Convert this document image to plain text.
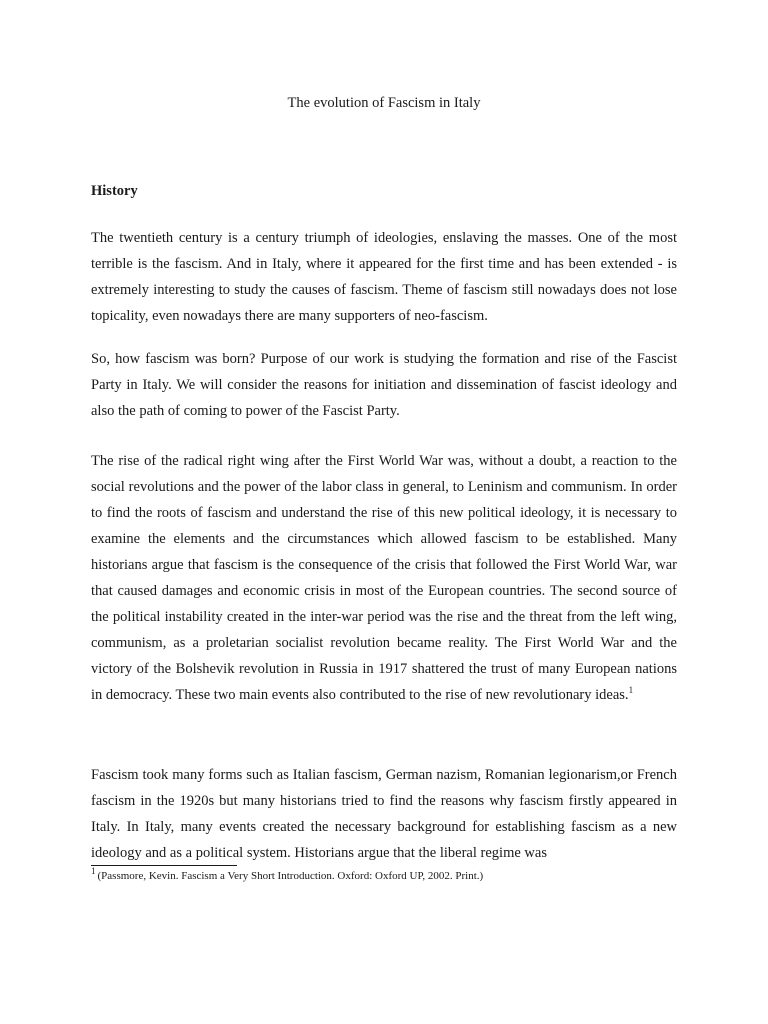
The evolution of Fascism in Italy
History

The twentieth century is a century triumph of ideologies, enslaving the masses. One of the most terrible is the fascism. And in Italy, where it appeared for the first time and has been extended - is extremely interesting to study the causes of fascism. Theme of fascism still nowadays does not lose topicality, even nowadays there are many supporters of neo-fascism.

So, how fascism was born? Purpose of our work is studying the formation and rise of the Fascist Party in Italy. We will consider the reasons for initiation and dissemination of fascist ideology and also the path of coming to power of the Fascist Party.

The rise of the radical right wing after the First World War was, without a doubt, a reaction to the social revolutions and the power of the labor class in general, to Leninism and communism. In order to find the roots of fascism and understand the rise of this new political ideology, it is necessary to examine the elements and the circumstances which allowed fascism to be established. Many historians argue that fascism is the consequence of the crisis that followed the First World War, war that caused damages and economic crisis in most of the European countries. The second source of the political instability created in the inter-war period was the rise and the threat from the left wing, communism, as a proletarian socialist revolution became reality. The First World War and the victory of the Bolshevik revolution in Russia in 1917 shattered the trust of many European nations in democracy. These two main events also contributed to the rise of new revolutionary ideas.$^1$

Fascism took many forms such as Italian fascism, German nazism, Romanian legionarism,or French fascism in the 1920s but many historians tried to find the reasons why fascism firstly appeared in Italy. In Italy, many events created the necessary background for establishing fascism as a new ideology and as a political system. Historians argue that the liberal regime was

$^1$ (Passmore, Kevin. Fascism a Very Short Introduction. Oxford: Oxford UP, 2002. Print.)
